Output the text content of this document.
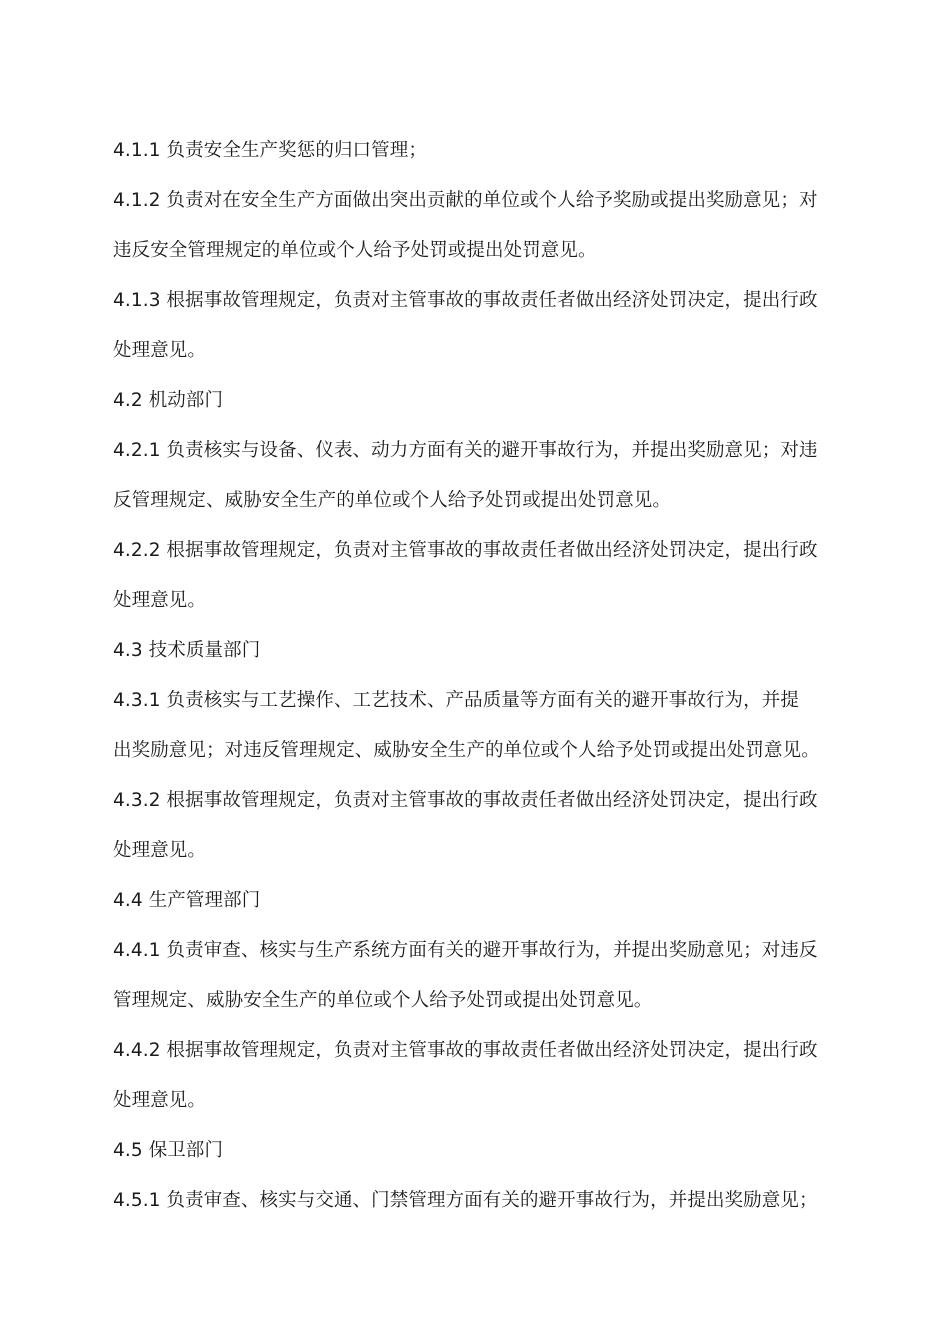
4.1.1 负责安全生产奖惩的归口管理；
4.1.2 负责对在安全生产方面做出突出贡献的单位或个人给予奖励或提出奖励意见；对
违反安全管理规定的单位或个人给予处罚或提出处罚意见。
4.1.3 根据事故管理规定，负责对主管事故的事故责任者做出经济处罚决定，提出行政
处理意见。
4.2 机动部门
4.2.1 负责核实与设备、仪表、动力方面有关的避开事故行为，并提出奖励意见；对违
反管理规定、威胁安全生产的单位或个人给予处罚或提出处罚意见。
4.2.2 根据事故管理规定，负责对主管事故的事故责任者做出经济处罚决定，提出行政
处理意见。
4.3 技术质量部门
4.3.1 负责核实与工艺操作、工艺技术、产品质量等方面有关的避开事故行为，并提
出奖励意见；对违反管理规定、威胁安全生产的单位或个人给予处罚或提出处罚意见。
4.3.2 根据事故管理规定，负责对主管事故的事故责任者做出经济处罚决定，提出行政
处理意见。
4.4 生产管理部门
4.4.1 负责审查、核实与生产系统方面有关的避开事故行为，并提出奖励意见；对违反
管理规定、威胁安全生产的单位或个人给予处罚或提出处罚意见。
4.4.2 根据事故管理规定，负责对主管事故的事故责任者做出经济处罚决定，提出行政
处理意见。
4.5 保卫部门
4.5.1 负责审查、核实与交通、门禁管理方面有关的避开事故行为，并提出奖励意见；
